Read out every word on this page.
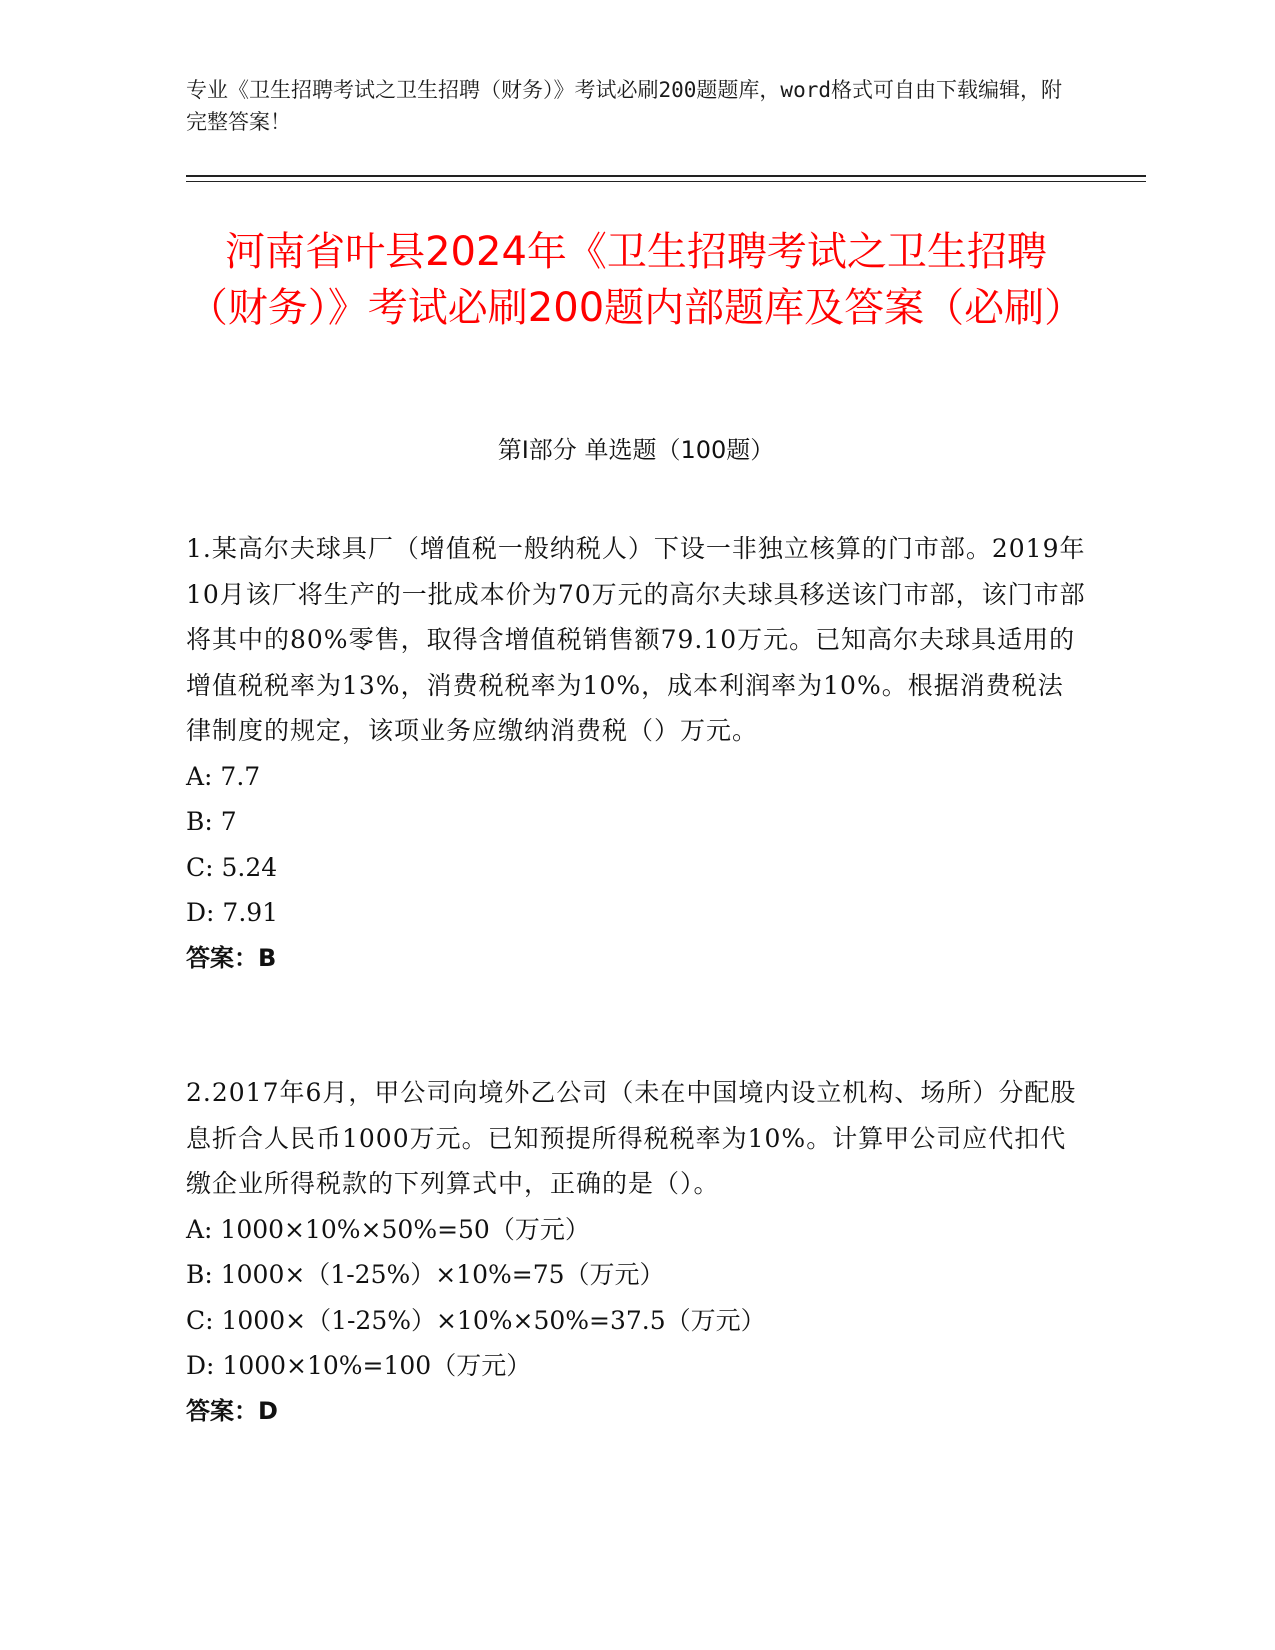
专业《卫生招聘考试之卫生招聘（财务）》考试必刷200题题库，word格式可自由下载编辑，附完整答案！
河南省叶县2024年《卫生招聘考试之卫生招聘（财务）》考试必刷200题内部题库及答案（必刷）
第I部分 单选题（100题）

1.某高尔夫球具厂（增值税一般纳税人）下设一非独立核算的门市部。2019年10月该厂将生产的一批成本价为70万元的高尔夫球具移送该门市部，该门市部将其中的80%零售，取得含增值税销售额79.10万元。已知高尔夫球具适用的增值税税率为13%，消费税税率为10%，成本利润率为10%。根据消费税法律制度的规定，该项业务应缴纳消费税（）万元。

A: 7.7

B: 7

C: 5.24

D: 7.91

答案：B

2.2017年6月，甲公司向境外乙公司（未在中国境内设立机构、场所）分配股息折合人民币1000万元。已知预提所得税税率为10%。计算甲公司应代扣代缴企业所得税款的下列算式中，正确的是（）。

A: 1000×10%×50%=50（万元）

B: 1000×（1-25%）×10%=75（万元）

C: 1000×（1-25%）×10%×50%=37.5（万元）

D: 1000×10%=100（万元）

答案：D
